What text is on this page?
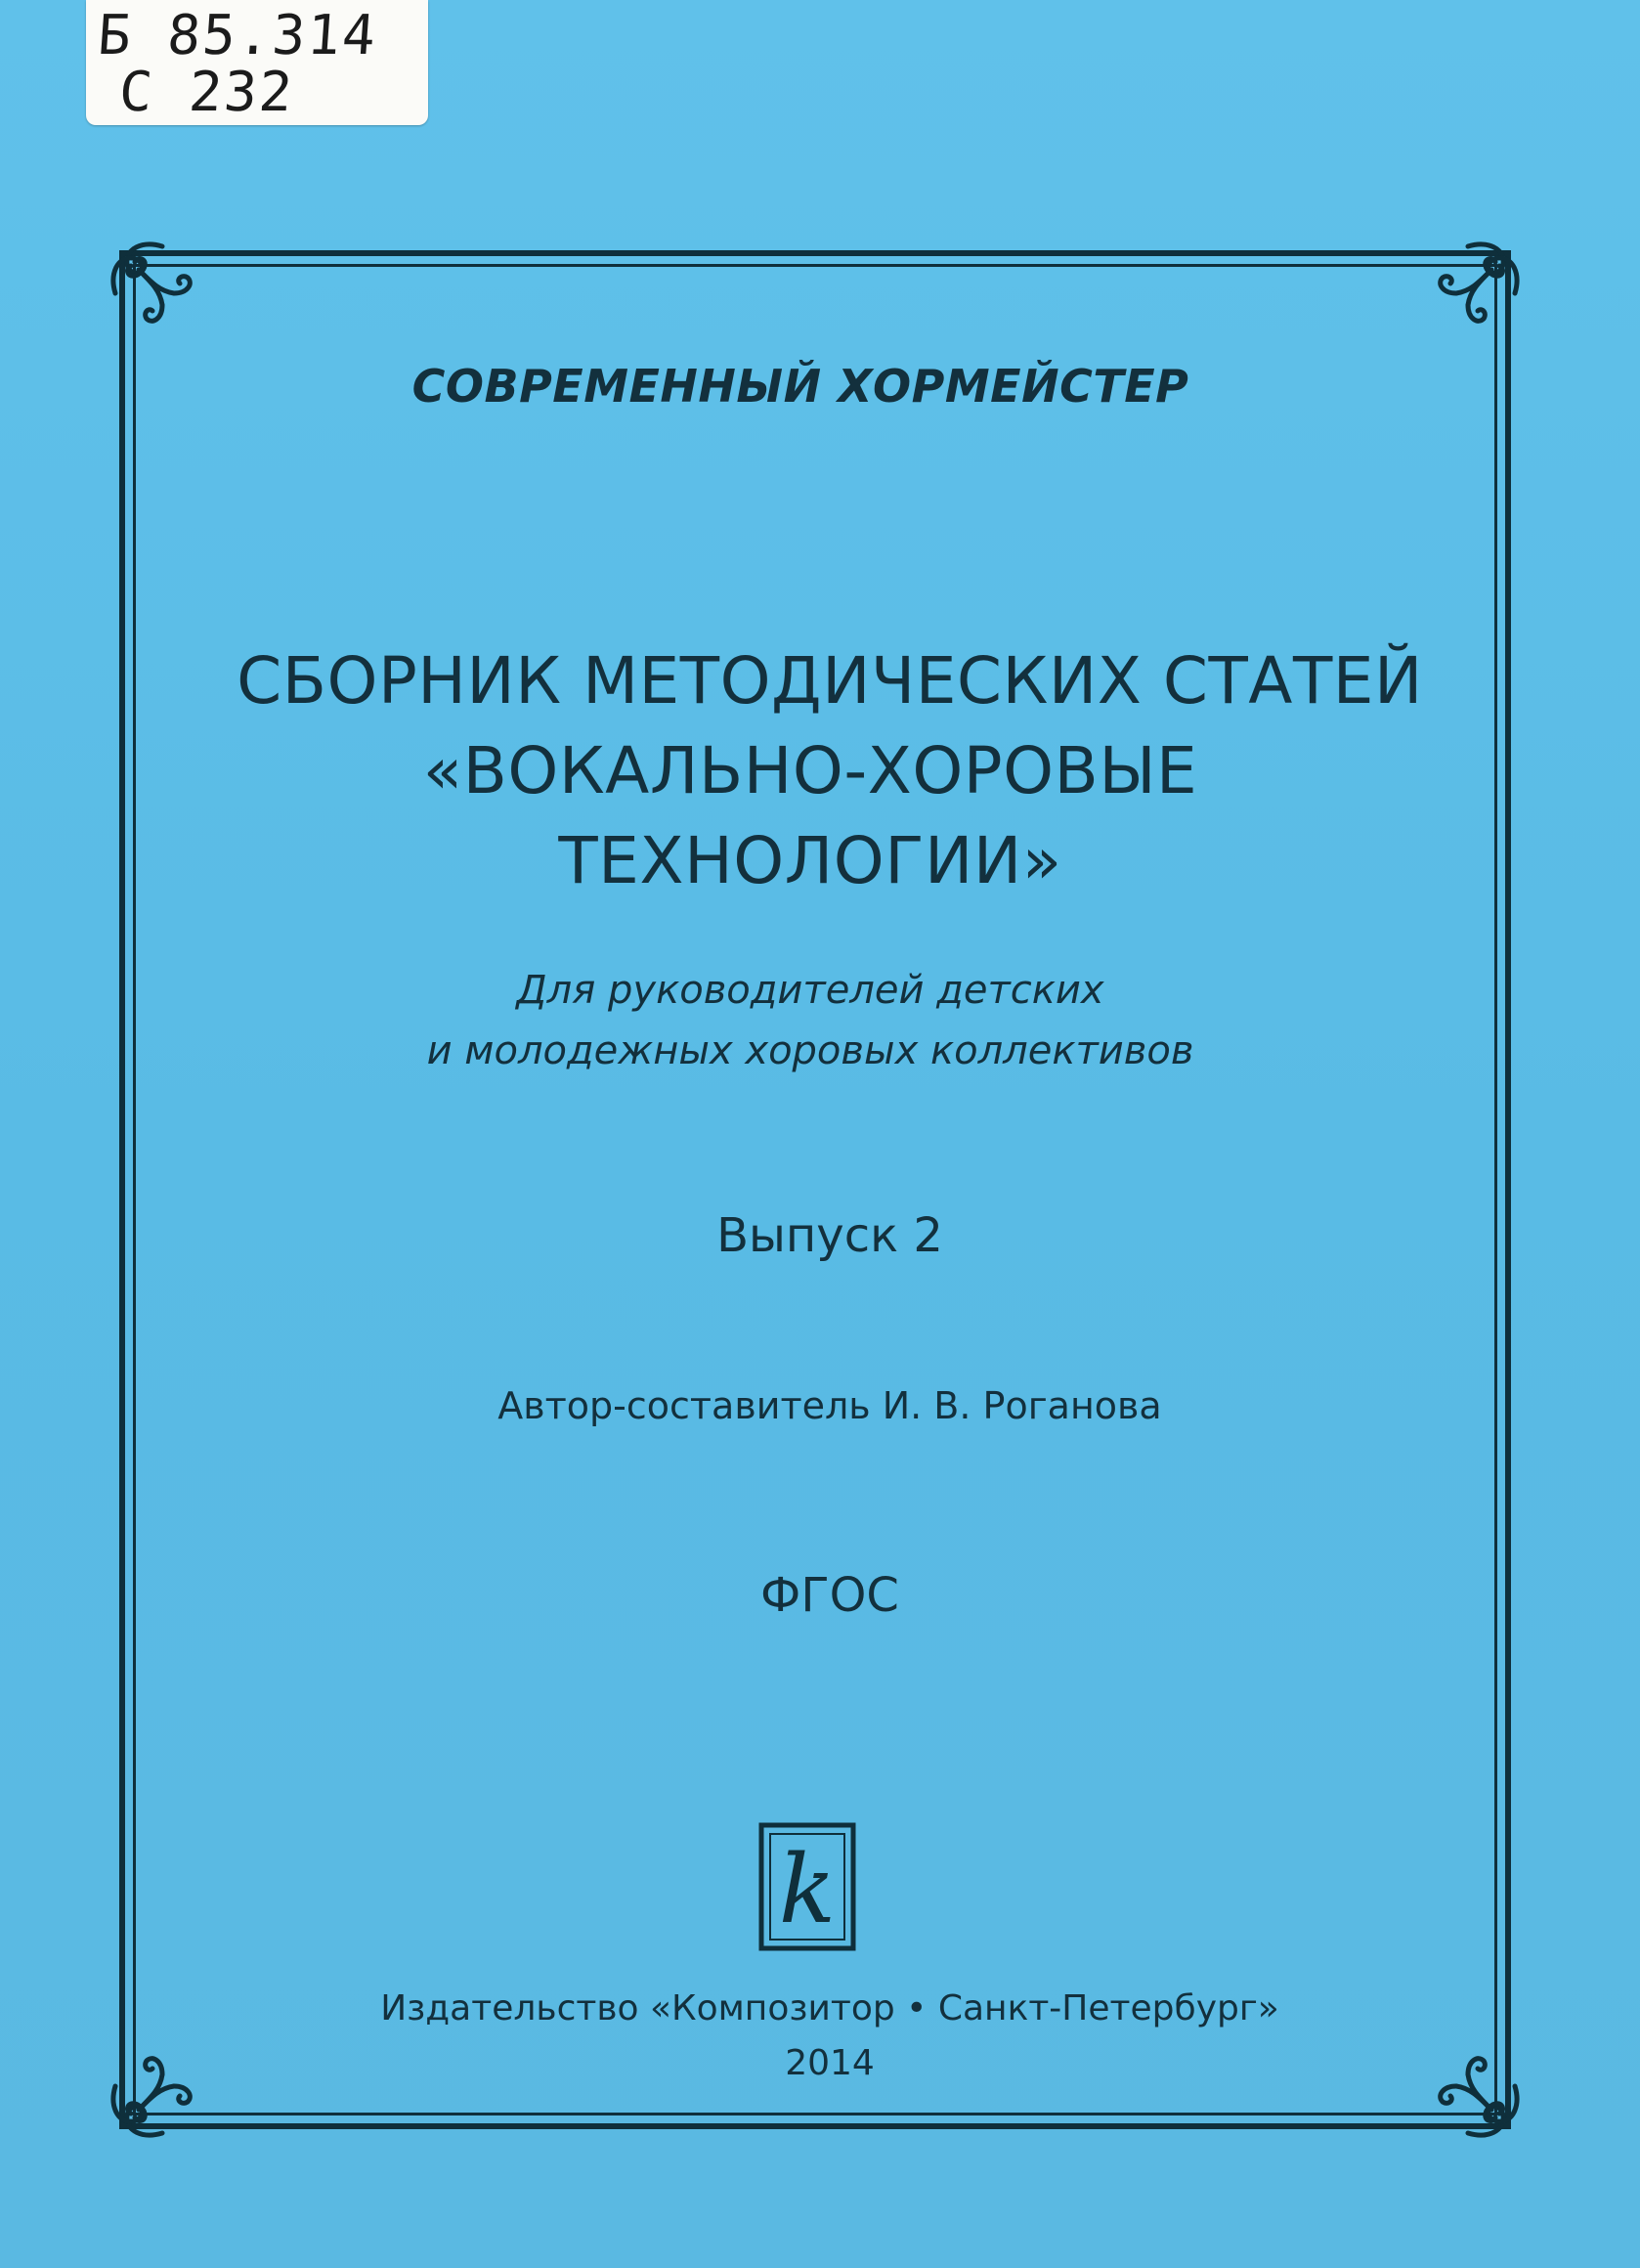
Б 85.314
С 232
СОВРЕМЕННЫЙ ХОРМЕЙСТЕР
СБОРНИК МЕТОДИЧЕСКИХ СТАТЕЙ
«ВОКАЛЬНО-ХОРОВЫЕ
ТЕХНОЛОГИИ»
Для руководителей детских
и молодежных хоровых коллективов
Выпуск 2
Автор-составитель И. В. Роганова
ФГОС
k
Издательство «Композитор • Санкт-Петербург»
2014
